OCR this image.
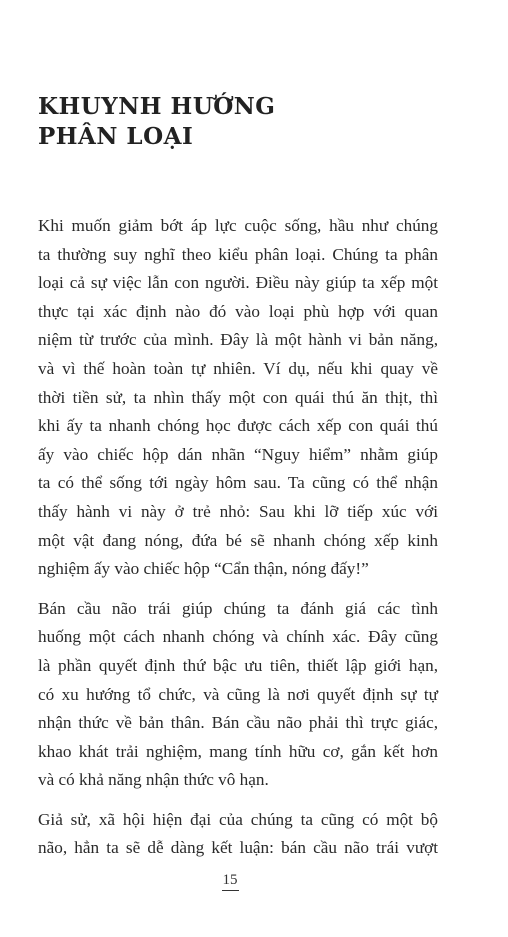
KHUYNH HƯỚNG
PHÂN LOẠI
Khi muốn giảm bớt áp lực cuộc sống, hầu như chúng
ta thường suy nghĩ theo kiểu phân loại. Chúng ta phân
loại cả sự việc lẫn con người. Điều này giúp ta xếp một
thực tại xác định nào đó vào loại phù hợp với quan
niệm từ trước của mình. Đây là một hành vi bản năng,
và vì thế hoàn toàn tự nhiên. Ví dụ, nếu khi quay về
thời tiền sử, ta nhìn thấy một con quái thú ăn thịt, thì
khi ấy ta nhanh chóng học được cách xếp con quái thú
ấy vào chiếc hộp dán nhãn “Nguy hiểm” nhằm giúp
ta có thể sống tới ngày hôm sau. Ta cũng có thể nhận
thấy hành vi này ở trẻ nhỏ: Sau khi lỡ tiếp xúc với
một vật đang nóng, đứa bé sẽ nhanh chóng xếp kinh
nghiệm ấy vào chiếc hộp “Cẩn thận, nóng đấy!”
Bán cầu não trái giúp chúng ta đánh giá các tình
huống một cách nhanh chóng và chính xác. Đây cũng
là phần quyết định thứ bậc ưu tiên, thiết lập giới hạn,
có xu hướng tổ chức, và cũng là nơi quyết định sự tự
nhận thức về bản thân. Bán cầu não phải thì trực giác,
khao khát trải nghiệm, mang tính hữu cơ, gắn kết hơn
và có khả năng nhận thức vô hạn.
Giả sử, xã hội hiện đại của chúng ta cũng có một bộ
não, hẳn ta sẽ dễ dàng kết luận: bán cầu não trái vượt
15
